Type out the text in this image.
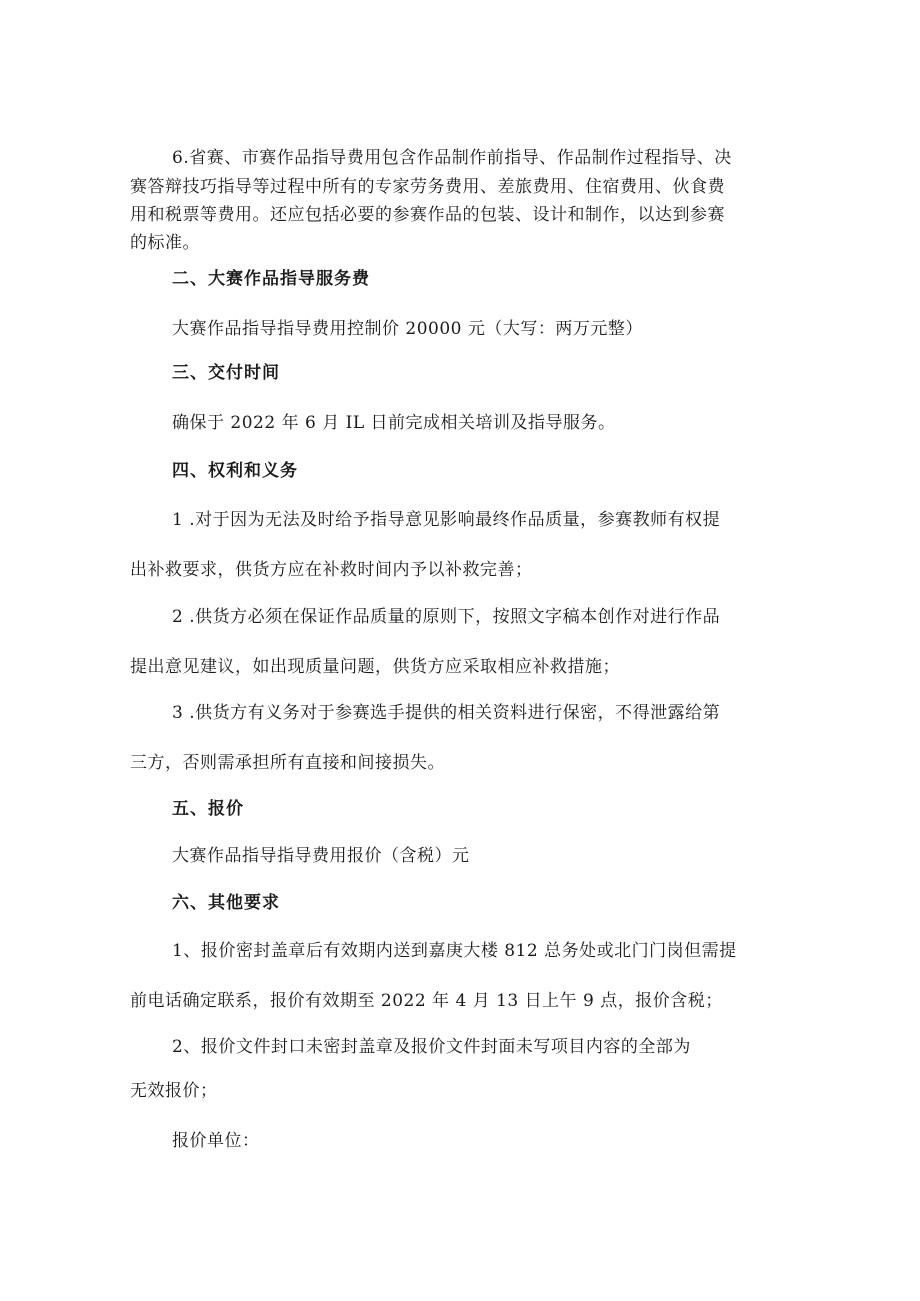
6.省赛、市赛作品指导费用包含作品制作前指导、作品制作过程指导、决
赛答辩技巧指导等过程中所有的专家劳务费用、差旅费用、住宿费用、伙食费
用和税票等费用。还应包括必要的参赛作品的包装、设计和制作，以达到参赛
的标准。
二、大赛作品指导服务费
大赛作品指导指导费用控制价 20000 元（大写：两万元整）
三、交付时间
确保于 2022 年 6 月 IL 日前完成相关培训及指导服务。
四、权利和义务
1 .对于因为无法及时给予指导意见影响最终作品质量，参赛教师有权提
出补救要求，供货方应在补救时间内予以补救完善；
2 .供货方必须在保证作品质量的原则下，按照文字稿本创作对进行作品
提出意见建议，如出现质量问题，供货方应采取相应补救措施；
3 .供货方有义务对于参赛选手提供的相关资料进行保密，不得泄露给第
三方，否则需承担所有直接和间接损失。
五、报价
大赛作品指导指导费用报价（含税）元
六、其他要求
1、报价密封盖章后有效期内送到嘉庚大楼 812 总务处或北门门岗但需提
前电话确定联系，报价有效期至 2022 年 4 月 13 日上午 9 点，报价含税；
2、报价文件封口未密封盖章及报价文件封面未写项目内容的全部为
无效报价；
报价单位：
